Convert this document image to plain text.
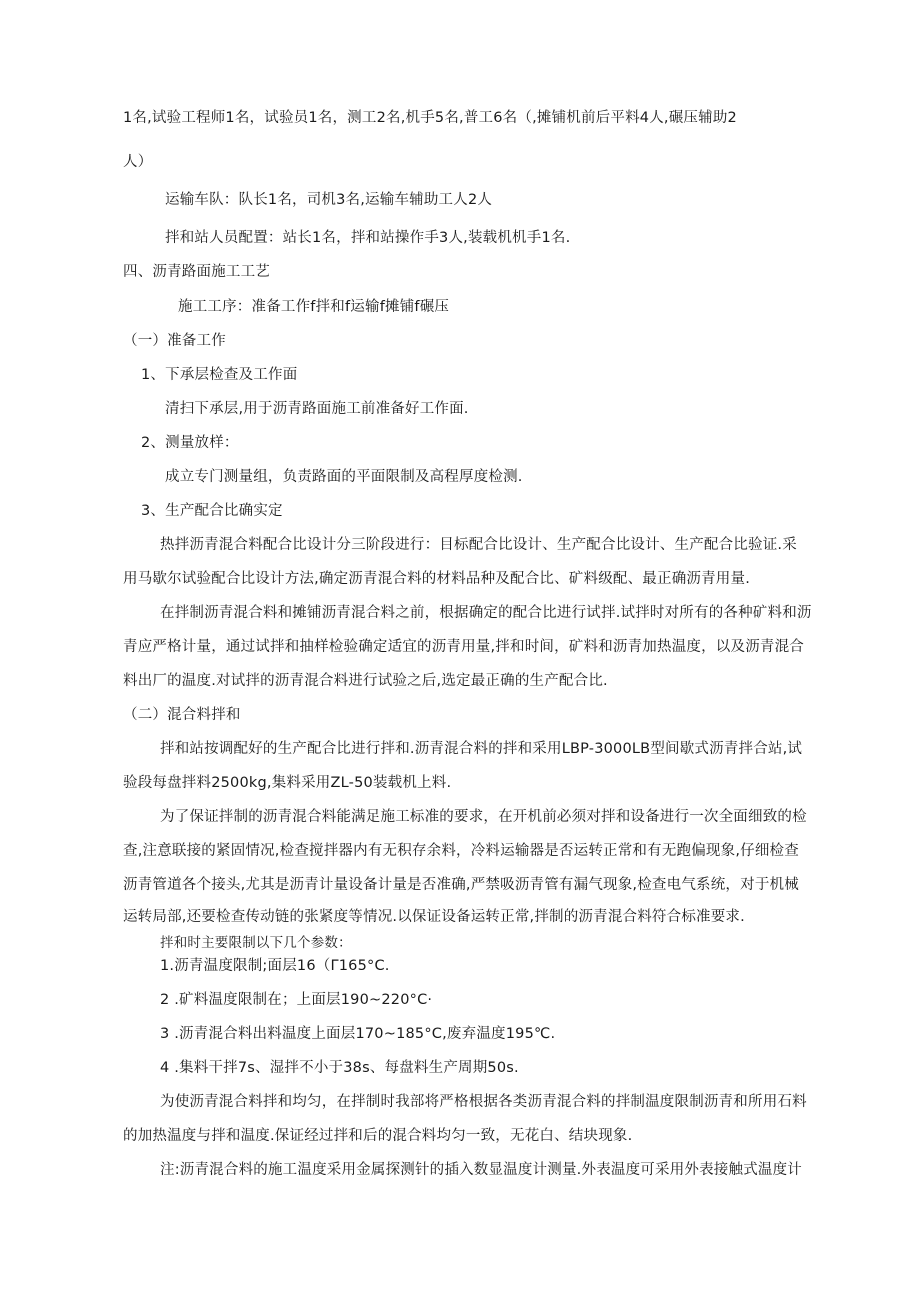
1名,试验工程师1名，试验员1名，测工2名,机手5名,普工6名（,摊铺机前后平料4人,碾压辅助2

人）

运输车队：队长1名，司机3名,运输车辅助工人2人

拌和站人员配置：站长1名，拌和站操作手3人,装载机机手1名.

四、沥青路面施工工艺

施工工序：准备工作f拌和f运输f摊铺f碾压

（一）准备工作

1、下承层检查及工作面

清扫下承层,用于沥青路面施工前准备好工作面.

2、测量放样：

成立专门测量组，负责路面的平面限制及高程厚度检测.

3、生产配合比确实定

热拌沥青混合料配合比设计分三阶段进行：目标配合比设计、生产配合比设计、生产配合比验证.采

用马歇尔试验配合比设计方法,确定沥青混合料的材料品种及配合比、矿料级配、最正确沥青用量.

在拌制沥青混合料和摊铺沥青混合料之前，根据确定的配合比进行试拌.试拌时对所有的各种矿料和沥

青应严格计量，通过试拌和抽样检验确定适宜的沥青用量,拌和时间，矿料和沥青加热温度，以及沥青混合

料出厂的温度.对试拌的沥青混合料进行试验之后,选定最正确的生产配合比.

（二）混合料拌和

拌和站按调配好的生产配合比进行拌和.沥青混合料的拌和采用LBP-3000LB型间歇式沥青拌合站,试

验段每盘拌料2500kg,集料采用ZL-50装载机上料.

为了保证拌制的沥青混合料能满足施工标准的要求，在开机前必须对拌和设备进行一次全面细致的检

查,注意联接的紧固情况,检查搅拌器内有无积存余料，冷料运输器是否运转正常和有无跑偏现象,仔细检查

沥青管道各个接头,尤其是沥青计量设备计量是否准确,严禁吸沥青管有漏气现象,检查电气系统，对于机械

运转局部,还要检查传动链的张紧度等情况.以保证设备运转正常,拌制的沥青混合料符合标准要求.

拌和时主要限制以下几个参数：

1.沥青温度限制;面层16（Γ165°C.

2 .矿料温度限制在；上面层190~220°C·

3 .沥青混合料出料温度上面层170~185°C,废弃温度195℃.

4 .集料干拌7s、湿拌不小于38s、每盘料生产周期50s.

为使沥青混合料拌和均匀，在拌制时我部将严格根据各类沥青混合料的拌制温度限制沥青和所用石料

的加热温度与拌和温度.保证经过拌和后的混合料均匀一致，无花白、结块现象.

注:沥青混合料的施工温度采用金属探测针的插入数显温度计测量.外表温度可采用外表接触式温度计
